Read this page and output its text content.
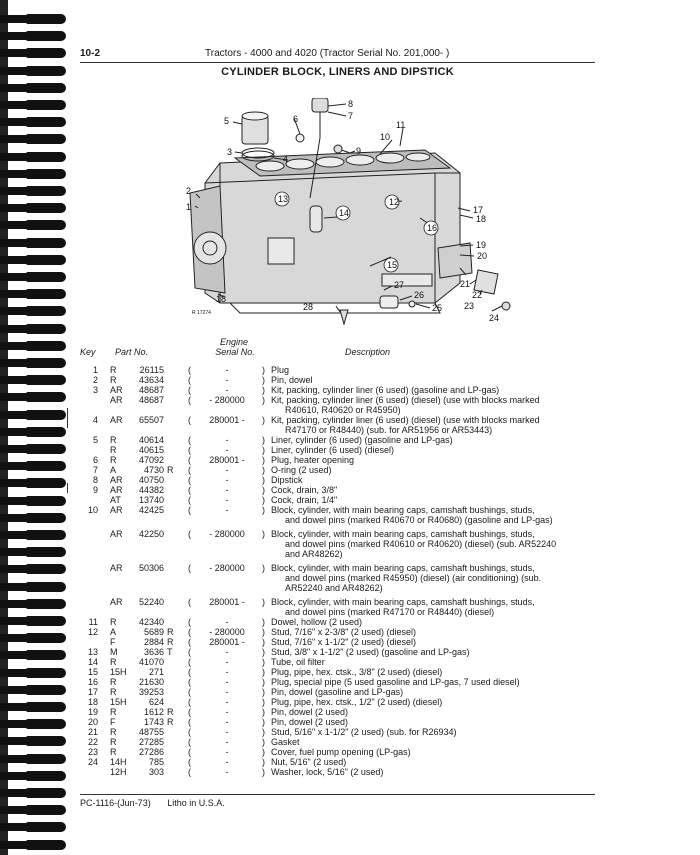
10-2	Tractors - 4000 and 4020 (Tractor Serial No. 201,000- )
CYLINDER BLOCK, LINERS AND DIPSTICK
5
3
4
6
8
7
9
10
11
12
13
14
15
16
17
18
19
20
21
22
23
24
25
26
27
28
2
1
18
R 17274
Key Part No.
Engine
Serial No.	Description
1 R	26115	(	-	) Plug
2 R	43634	(	-	) Pin, dowel
3 AR	48687	(	-	) Kit, packing, cylinder liner (6 used) (gasoline and LP-gas)
AR	48687	(	- 280000	) Kit, packing, cylinder liner (6 used) (diesel) (use with blocks marked
R40610, R40620 or R45950)
4 AR	65507	(	280001 -	) Kit, packing, cylinder liner (6 used) (diesel) (use with blocks marked
R47170 or R48440) (sub. for AR51956 or AR53443)
5 R	40614	(	-	) Liner, cylinder (6 used) (gasoline and LP-gas)
R	40615	(	-	) Liner, cylinder (6 used) (diesel)
6 R	47092	(	280001 -	) Plug, heater opening
7 A	4730 R (	-	) O-ring (2 used)
8 AR	40750	(	-	) Dipstick
9 AR	44382	(	-	) Cock, drain, 3/8"
AT	13740	(	-	) Cock, drain, 1/4"
10 AR	42425	(	-	) Block, cylinder, with main bearing caps, camshaft bushings, studs,
and dowel pins (marked R40670 or R40680) (gasoline and LP-gas)
AR	42250	(	- 280000	) Block, cylinder, with main bearing caps, camshaft bushings, studs,
and dowel pins (marked R40610 or R40620) (diesel) (sub. AR52240
and AR48262)
AR	50306	(	- 280000	) Block, cylinder, with main bearing caps, camshaft bushings, studs,
and dowel pins (marked R45950) (diesel) (air conditioning) (sub.
AR52240 and AR48262)
AR	52240	(	280001 -	) Block, cylinder, with main bearing caps, camshaft bushings, studs,
and dowel pins (marked R47170 or R48440) (diesel)
11 R	42340	(	-	) Dowel, hollow (2 used)
12 A	5689 R (	- 280000	) Stud, 7/16" x 2-3/8" (2 used) (diesel)
F	2884 R (	280001 -	) Stud, 7/16" x 1-1/2" (2 used) (diesel)
13 M	3636 T (	-	) Stud, 3/8" x 1-1/2" (2 used) (gasoline and LP-gas)
14 R	41070	(	-	) Tube, oil filter
15 15H	271	(	-	) Plug, pipe, hex. ctsk., 3/8" (2 used) (diesel)
16 R	21630	(	-	) Plug, special pipe (5 used gasoline and LP-gas, 7 used diesel)
17 R	39253	(	-	) Pin, dowel (gasoline and LP-gas)
18 15H	624	(	-	) Plug, pipe, hex. ctsk., 1/2" (2 used) (diesel)
19 R	1612 R (	-	) Pin, dowel (2 used)
20 F	1743 R (	-	) Pin, dowel (2 used)
21 R	48755	(	-	) Stud, 5/16" x 1-1/2" (2 used) (sub. for R26934)
22 R	27285	(	-	) Gasket
23 R	27286	(	-	) Cover, fuel pump opening (LP-gas)
24 14H	785	(	-	) Nut, 5/16" (2 used)
12H	303	(	-	) Washer, lock, 5/16" (2 used)
PC-1116-(Jun-73) Litho in U.S.A.
